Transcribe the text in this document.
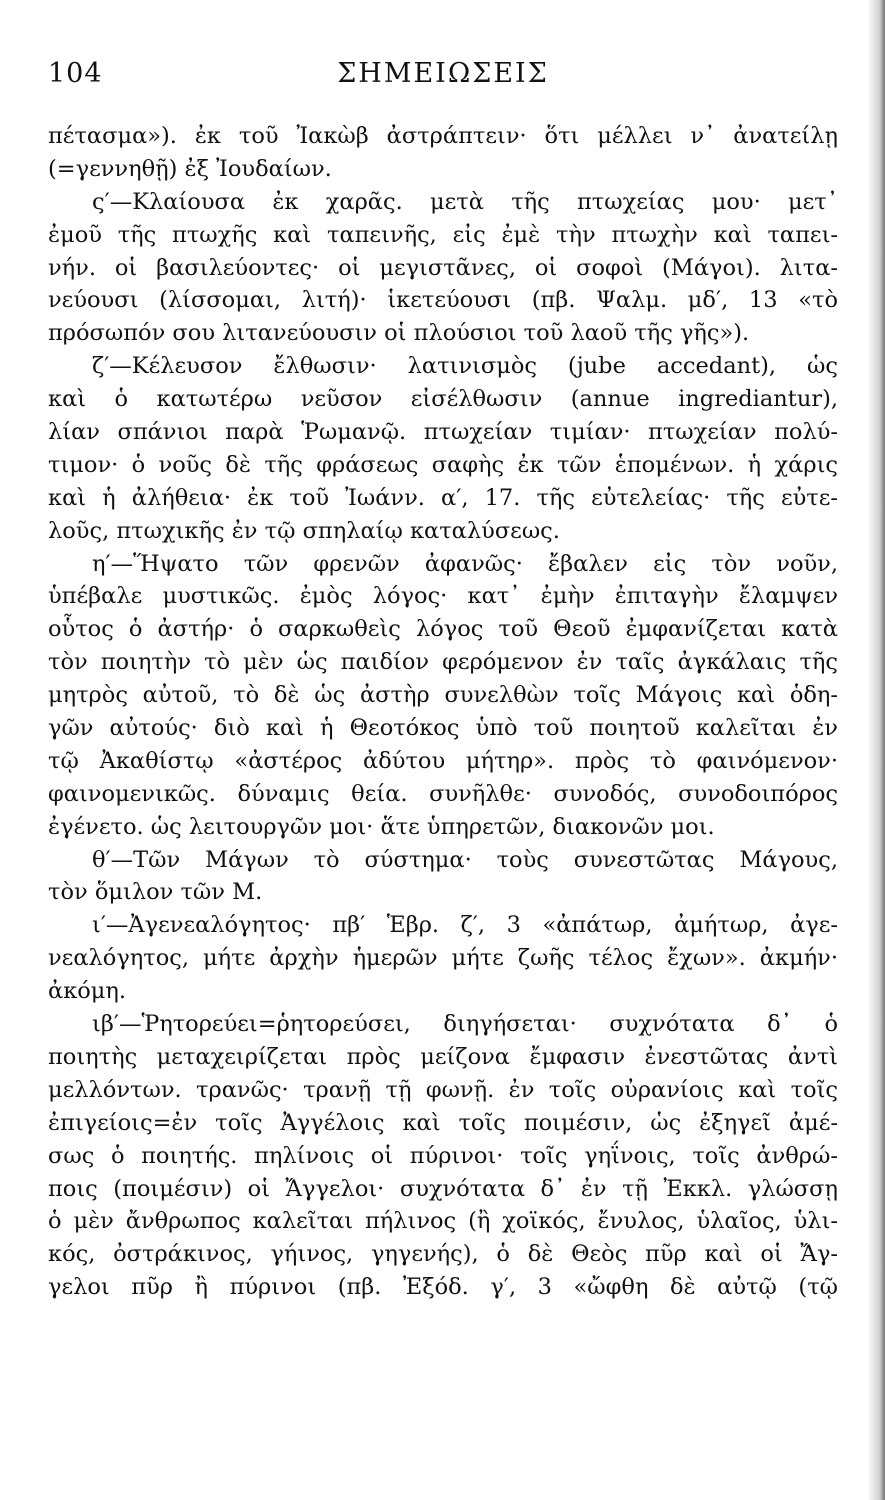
104	ΣΗΜΕΙΩΣΕΙΣ
πέτασμα»). ἐκ τοῦ Ἰακὼβ ἀστράπτειν· ὅτι μέλλει ν᾽ ἀνατείλῃ
(=γεννηθῇ) ἐξ Ἰουδαίων.
ς′—Κλαίουσα ἐκ χαρᾶς. μετὰ τῆς πτωχείας μου· μετ᾽
ἐμοῦ τῆς πτωχῆς καὶ ταπεινῆς, εἰς ἐμὲ τὴν πτωχὴν καὶ ταπει-
νήν. οἱ βασιλεύοντες· οἱ μεγιστᾶνες, οἱ σοφοὶ (Μάγοι). λιτα-
νεύουσι (λίσσομαι, λιτή)· ἱκετεύουσι (πβ. Ψαλμ. μδ′, 13 «τὸ
πρόσωπόν σου λιτανεύουσιν οἱ πλούσιοι τοῦ λαοῦ τῆς γῆς»).
ζ′—Κέλευσον ἔλθωσιν· λατινισμὸς (jube accedant), ὡς
καὶ ὁ κατωτέρω νεῦσον εἰσέλθωσιν (annue ingrediantur),
λίαν σπάνιοι παρὰ Ῥωμανῷ. πτωχείαν τιμίαν· πτωχείαν πολύ-
τιμον· ὁ νοῦς δὲ τῆς φράσεως σαφὴς ἐκ τῶν ἑπομένων. ἡ χάρις
καὶ ἡ ἀλήθεια· ἐκ τοῦ Ἰωάνν. α′, 17. τῆς εὐτελείας· τῆς εὐτε-
λοῦς, πτωχικῆς ἐν τῷ σπηλαίῳ καταλύσεως.
η′—Ἥψατο τῶν φρενῶν ἀφανῶς· ἔβαλεν εἰς τὸν νοῦν,
ὑπέβαλε μυστικῶς. ἐμὸς λόγος· κατ᾽ ἐμὴν ἐπιταγὴν ἔλαμψεν
οὗτος ὁ ἀστήρ· ὁ σαρκωθεὶς λόγος τοῦ Θεοῦ ἐμφανίζεται κατὰ
τὸν ποιητὴν τὸ μὲν ὡς παιδίον φερόμενον ἐν ταῖς ἀγκάλαις τῆς
μητρὸς αὐτοῦ, τὸ δὲ ὡς ἀστὴρ συνελθὼν τοῖς Μάγοις καὶ ὁδη-
γῶν αὐτούς· διὸ καὶ ἡ Θεοτόκος ὑπὸ τοῦ ποιητοῦ καλεῖται ἐν
τῷ Ἀκαθίστῳ «ἀστέρος ἀδύτου μήτηρ». πρὸς τὸ φαινόμενον·
φαινομενικῶς. δύναμις θεία. συνῆλθε· συνοδός, συνοδοιπόρος
ἐγένετο. ὡς λειτουργῶν μοι· ἅτε ὑπηρετῶν, διακονῶν μοι.
θ′—Τῶν Μάγων τὸ σύστημα· τοὺς συνεστῶτας Μάγους,
τὸν ὅμιλον τῶν Μ.
ι′—Ἀγενεαλόγητος· πβ′ Ἑβρ. ζ′, 3 «ἀπάτωρ, ἀμήτωρ, ἀγε-
νεαλόγητος, μήτε ἀρχὴν ἡμερῶν μήτε ζωῆς τέλος ἔχων». ἀκμήν·
ἀκόμη.
ιβ′—Ῥητορεύει=ῥητορεύσει, διηγήσεται· συχνότατα δ᾽ ὁ
ποιητὴς μεταχειρίζεται πρὸς μείζονα ἔμφασιν ἐνεστῶτας ἀντὶ
μελλόντων. τρανῶς· τρανῇ τῇ φωνῇ. ἐν τοῖς οὐρανίοις καὶ τοῖς
ἐπιγείοις=ἐν τοῖς Ἀγγέλοις καὶ τοῖς ποιμέσιν, ὡς ἐξηγεῖ ἀμέ-
σως ὁ ποιητής. πηλίνοις οἱ πύρινοι· τοῖς γηΐνοις, τοῖς ἀνθρώ-
ποις (ποιμέσιν) οἱ Ἄγγελοι· συχνότατα δ᾽ ἐν τῇ Ἐκκλ. γλώσσῃ
ὁ μὲν ἄνθρωπος καλεῖται πήλινος (ἢ χοϊκός, ἔνυλος, ὑλαῖος, ὑλι-
κός, ὀστράκινος, γήινος, γηγενής), ὁ δὲ Θεὸς πῦρ καὶ οἱ Ἄγ-
γελοι πῦρ ἢ πύρινοι (πβ. Ἐξόδ. γ′, 3 «ὤφθη δὲ αὐτῷ (τῷ
